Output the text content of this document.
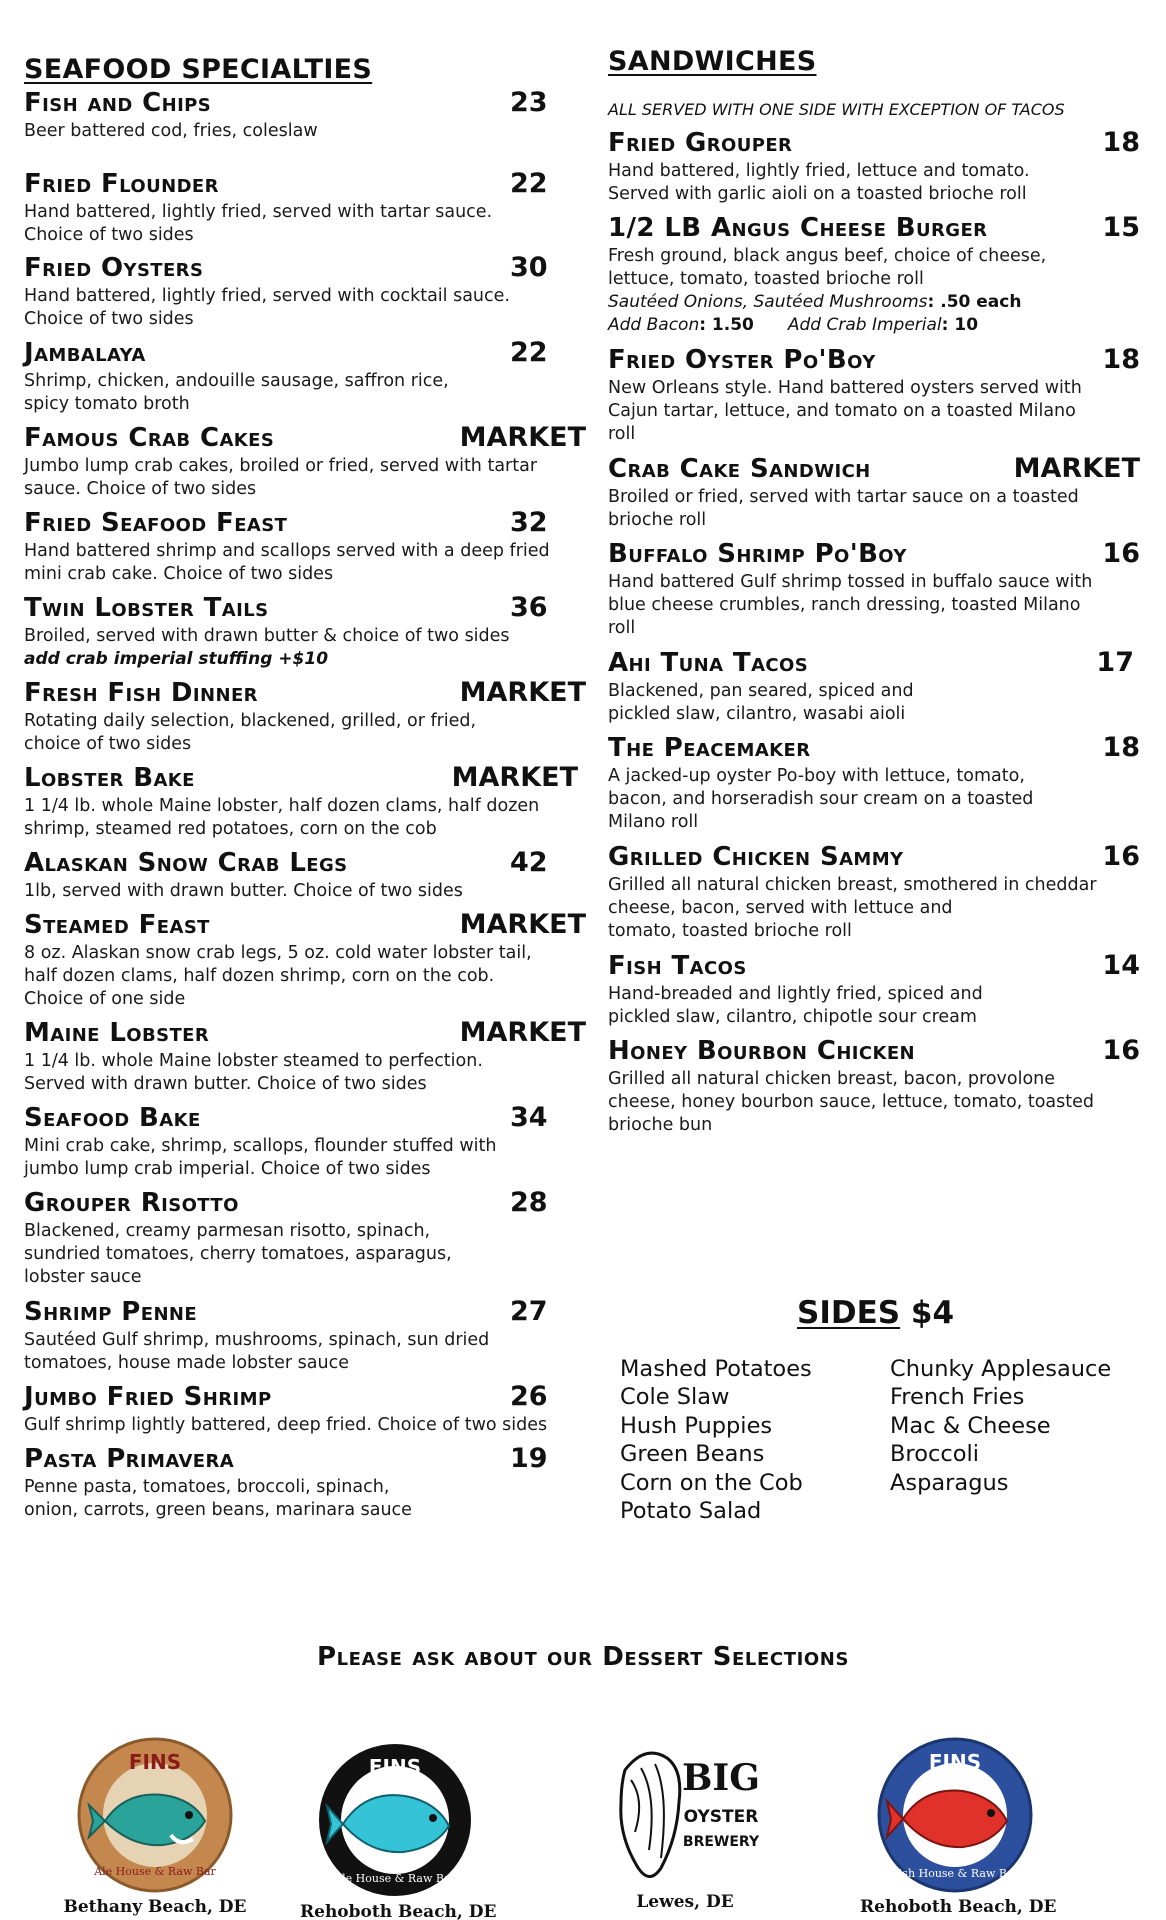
SEAFOOD SPECIALTIES
Fish and Chips	23
Beer battered cod, fries, coleslaw
Fried Flounder	22
Hand battered, lightly fried, served with tartar sauce.
Choice of two sides
Fried Oysters	30
Hand battered, lightly fried, served with cocktail sauce.
Choice of two sides
Jambalaya	22
Shrimp, chicken, andouille sausage, saffron rice,
spicy tomato broth
Famous Crab Cakes	MARKET
Jumbo lump crab cakes, broiled or fried, served with tartar
sauce. Choice of two sides
Fried Seafood Feast	32
Hand battered shrimp and scallops served with a deep fried
mini crab cake. Choice of two sides
Twin Lobster Tails	36
Broiled, served with drawn butter & choice of two sides
add crab imperial stuffing +$10
Fresh Fish Dinner	MARKET
Rotating daily selection, blackened, grilled, or fried,
choice of two sides
Lobster Bake	MARKET
1 1/4 lb. whole Maine lobster, half dozen clams, half dozen
shrimp, steamed red potatoes, corn on the cob
Alaskan Snow Crab Legs	42
1lb, served with drawn butter. Choice of two sides
Steamed Feast	MARKET
8 oz. Alaskan snow crab legs, 5 oz. cold water lobster tail,
half dozen clams, half dozen shrimp, corn on the cob.
Choice of one side
Maine Lobster	MARKET
1 1/4 lb. whole Maine lobster steamed to perfection.
Served with drawn butter. Choice of two sides
Seafood Bake	34
Mini crab cake, shrimp, scallops, flounder stuffed with
jumbo lump crab imperial. Choice of two sides
Grouper Risotto	28
Blackened, creamy parmesan risotto, spinach,
sundried tomatoes, cherry tomatoes, asparagus,
lobster sauce
Shrimp Penne	27
Sautéed Gulf shrimp, mushrooms, spinach, sun dried
tomatoes, house made lobster sauce
Jumbo Fried Shrimp	26
Gulf shrimp lightly battered, deep fried. Choice of two sides
Pasta Primavera	19
Penne pasta, tomatoes, broccoli, spinach,
onion, carrots, green beans, marinara sauce
SANDWICHES
ALL SERVED WITH ONE SIDE WITH EXCEPTION OF TACOS
Fried Grouper	18
Hand battered, lightly fried, lettuce and tomato.
Served with garlic aioli on a toasted brioche roll
1/2 LB Angus Cheese Burger	15
Fresh ground, black angus beef, choice of cheese,
lettuce, tomato, toasted brioche roll
Sautéed Onions, Sautéed Mushrooms: .50 each
Add Bacon: 1.50 Add Crab Imperial: 10
Fried Oyster Po'Boy	18
New Orleans style. Hand battered oysters served with
Cajun tartar, lettuce, and tomato on a toasted Milano
roll
Crab Cake Sandwich	MARKET
Broiled or fried, served with tartar sauce on a toasted
brioche roll
Buffalo Shrimp Po'Boy	16
Hand battered Gulf shrimp tossed in buffalo sauce with
blue cheese crumbles, ranch dressing, toasted Milano
roll
Ahi Tuna Tacos	17
Blackened, pan seared, spiced and
pickled slaw, cilantro, wasabi aioli
The Peacemaker	18
A jacked-up oyster Po-boy with lettuce, tomato,
bacon, and horseradish sour cream on a toasted
Milano roll
Grilled Chicken Sammy	16
Grilled all natural chicken breast, smothered in cheddar
cheese, bacon, served with lettuce and
tomato, toasted brioche roll
Fish Tacos	14
Hand-breaded and lightly fried, spiced and
pickled slaw, cilantro, chipotle sour cream
Honey Bourbon Chicken	16
Grilled all natural chicken breast, bacon, provolone
cheese, honey bourbon sauce, lettuce, tomato, toasted
brioche bun
SIDES $4
Mashed Potatoes
Cole Slaw
Hush Puppies
Green Beans
Corn on the Cob
Potato Salad
Chunky Applesauce
French Fries
Mac & Cheese
Broccoli
Asparagus
Please ask about our Dessert Selections
FINS
Ale House & Raw Bar
Bethany Beach, DE
FINS
Ale House & Raw Bar
Rehoboth Beach, DE
BIG
OYSTER
BREWERY
Lewes, DE
FINS
Fish House & Raw Bar
Rehoboth Beach, DE
